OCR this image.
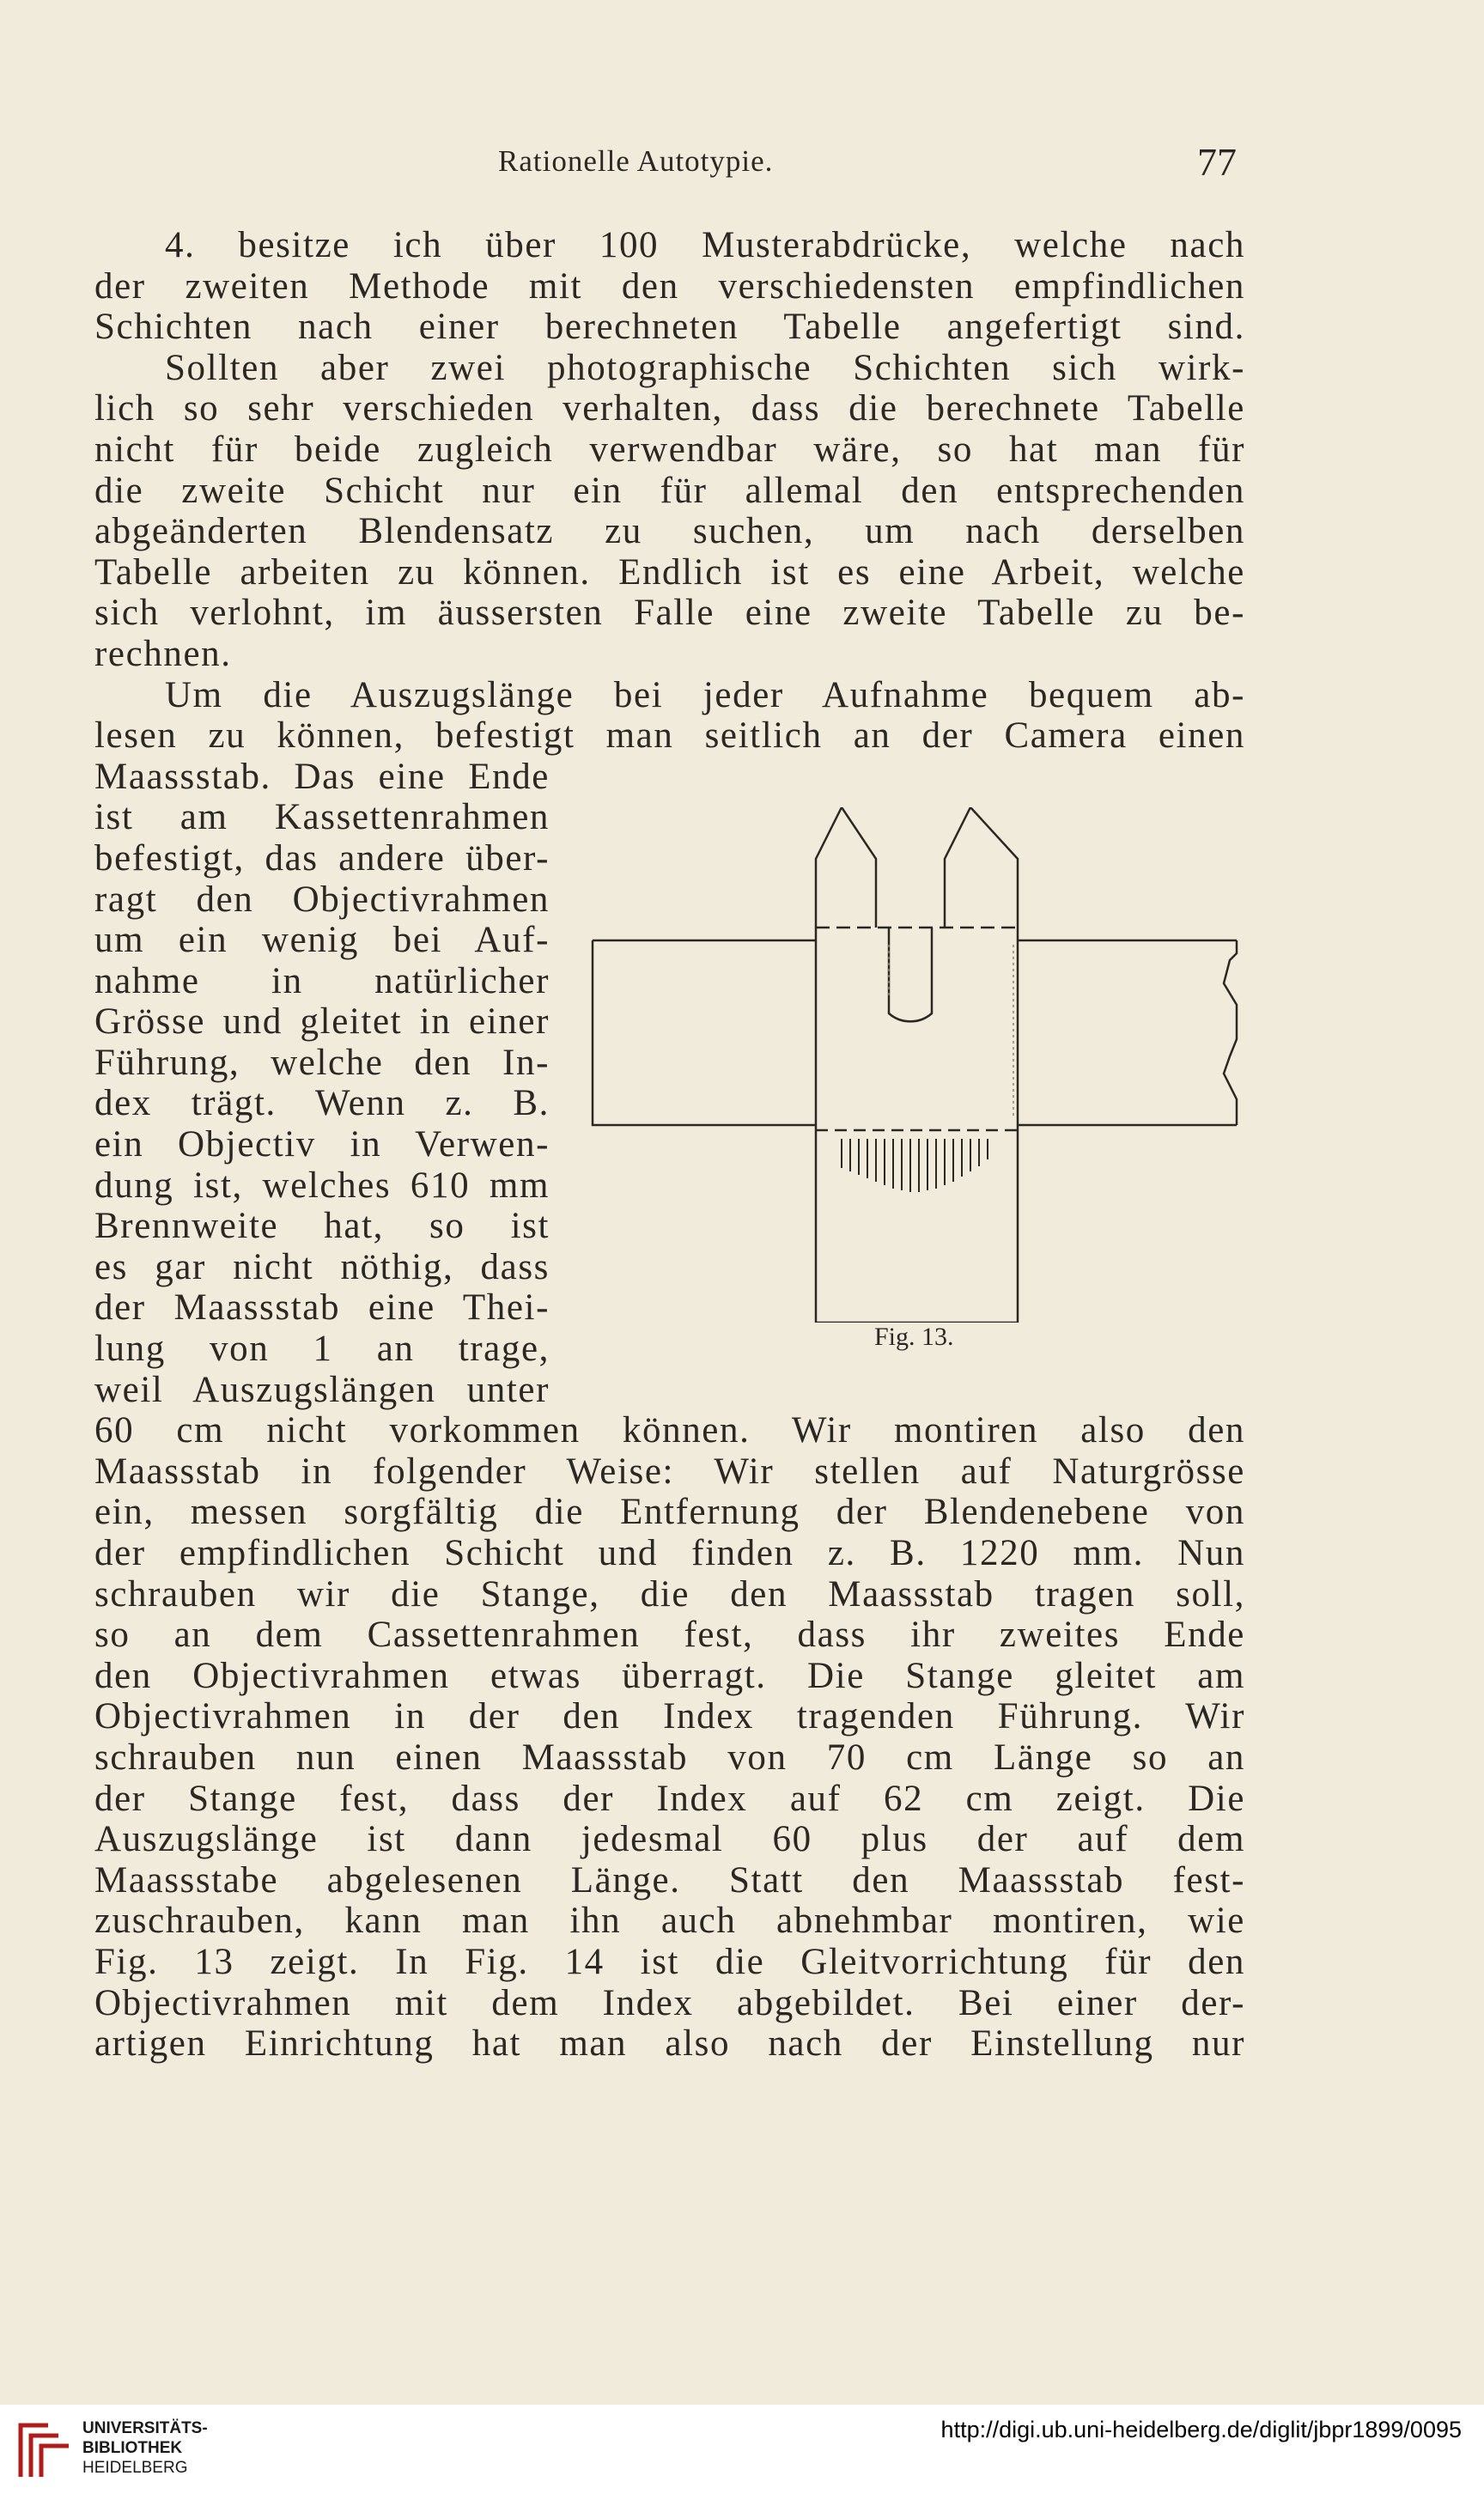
Rationelle Autotypie.	77
4. besitze ich über 100 Musterabdrücke, welche nach
der zweiten Methode mit den verschiedensten empfindlichen
Schichten nach einer berechneten Tabelle angefertigt sind.
Sollten aber zwei photographische Schichten sich wirk-
lich so sehr verschieden verhalten, dass die berechnete Tabelle
nicht für beide zugleich verwendbar wäre, so hat man für
die zweite Schicht nur ein für allemal den entsprechenden
abgeänderten Blendensatz zu suchen, um nach derselben
Tabelle arbeiten zu können. Endlich ist es eine Arbeit, welche
sich verlohnt, im äussersten Falle eine zweite Tabelle zu be-
rechnen.
Um die Auszugslänge bei jeder Aufnahme bequem ab-
lesen zu können, befestigt man seitlich an der Camera einen
Maassstab. Das eine Ende
ist am Kassettenrahmen
befestigt, das andere über-
ragt den Objectivrahmen
um ein wenig bei Auf-
nahme in natürlicher
Grösse und gleitet in einer
Führung, welche den In-
dex trägt. Wenn z. B.
ein Objectiv in Verwen-
dung ist, welches 610 mm
Brennweite hat, so ist
es gar nicht nöthig, dass
der Maassstab eine Thei-
lung von 1 an trage,
weil Auszugslängen unter
60 cm nicht vorkommen können. Wir montiren also den
Maassstab in folgender Weise: Wir stellen auf Naturgrösse
ein, messen sorgfältig die Entfernung der Blendenebene von
der empfindlichen Schicht und finden z. B. 1220 mm. Nun
schrauben wir die Stange, die den Maassstab tragen soll,
so an dem Cassettenrahmen fest, dass ihr zweites Ende
den Objectivrahmen etwas überragt. Die Stange gleitet am
Objectivrahmen in der den Index tragenden Führung. Wir
schrauben nun einen Maassstab von 70 cm Länge so an
der Stange fest, dass der Index auf 62 cm zeigt. Die
Auszugslänge ist dann jedesmal 60 plus der auf dem
Maassstabe abgelesenen Länge. Statt den Maassstab fest-
zuschrauben, kann man ihn auch abnehmbar montiren, wie
Fig. 13 zeigt. In Fig. 14 ist die Gleitvorrichtung für den
Objectivrahmen mit dem Index abgebildet. Bei einer der-
artigen Einrichtung hat man also nach der Einstellung nur
Fig. 13.
UNIVERSITÄTS-
BIBLIOTHEK
HEIDELBERG
http://digi.ub.uni-heidelberg.de/diglit/jbpr1899/0095
